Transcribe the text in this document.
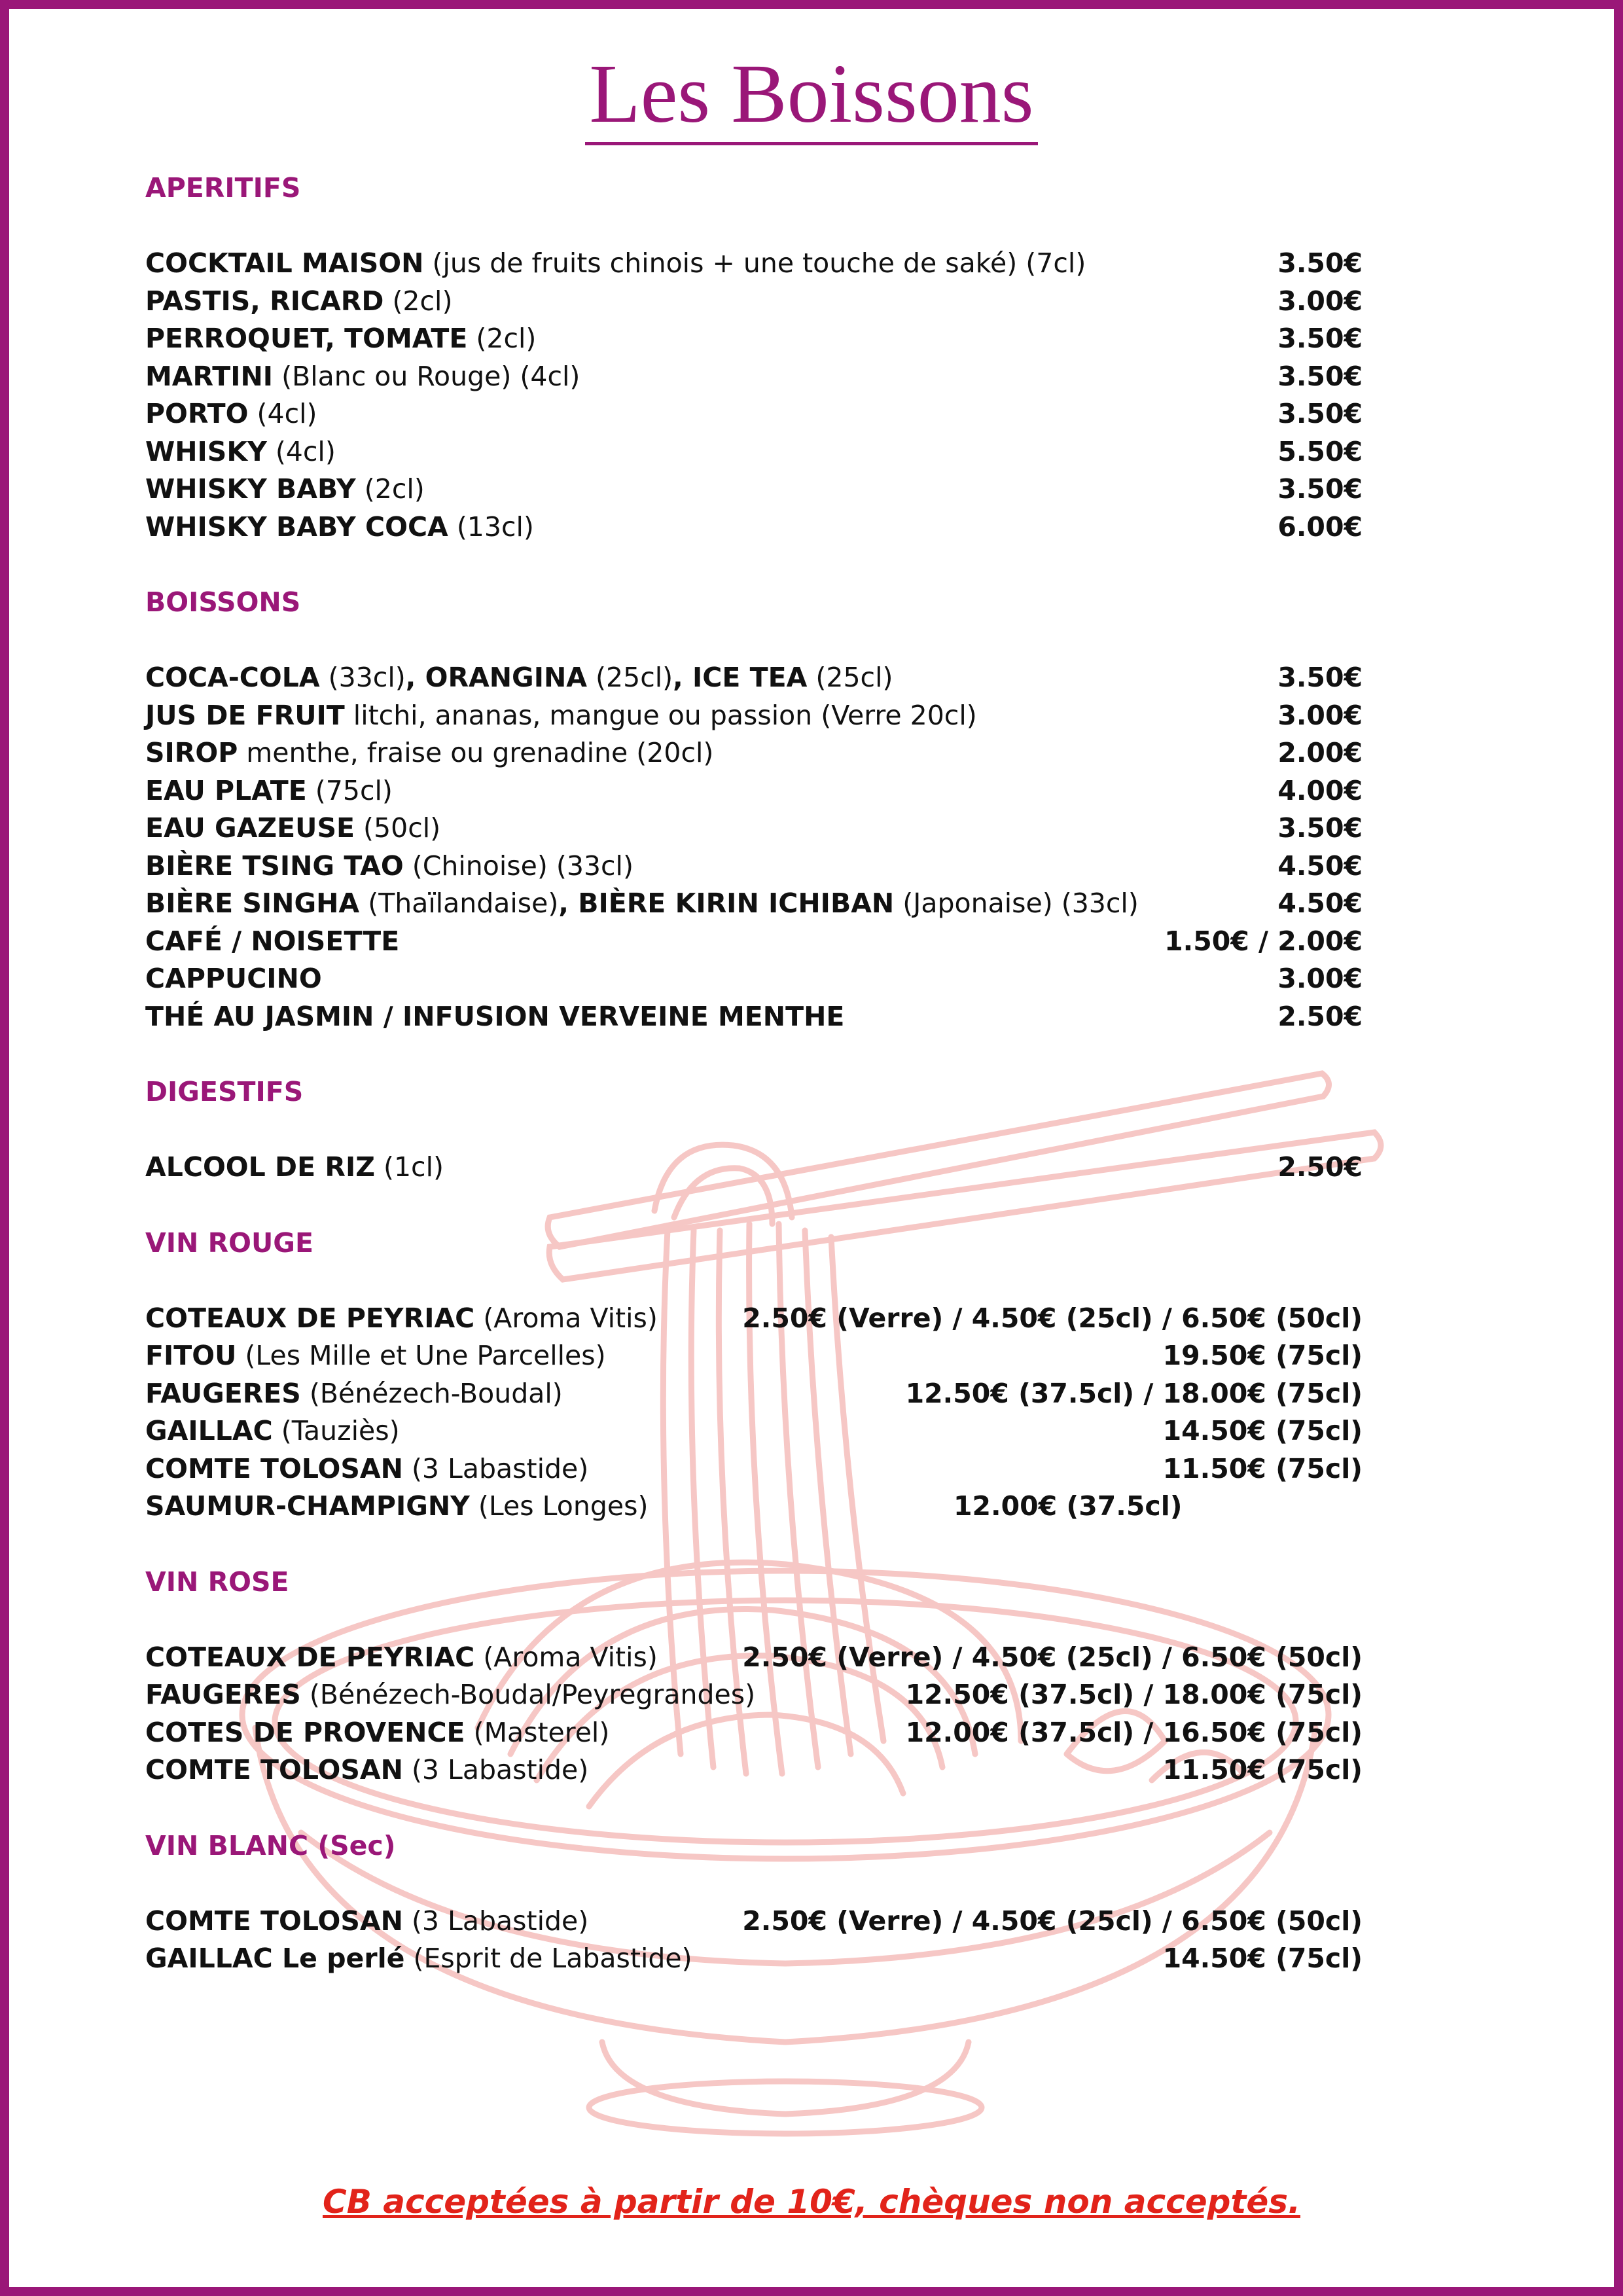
Les Boissons
APERITIFS
COCKTAIL MAISON (jus de fruits chinois + une touche de saké) (7cl)	3.50€
PASTIS, RICARD (2cl)	3.00€
PERROQUET, TOMATE (2cl)	3.50€
MARTINI (Blanc ou Rouge) (4cl)	3.50€
PORTO (4cl)	3.50€
WHISKY (4cl)	5.50€
WHISKY BABY (2cl)	3.50€
WHISKY BABY COCA (13cl)	6.00€
BOISSONS
COCA-COLA (33cl), ORANGINA (25cl), ICE TEA (25cl)	3.50€
JUS DE FRUIT litchi, ananas, mangue ou passion (Verre 20cl)	3.00€
SIROP menthe, fraise ou grenadine (20cl)	2.00€
EAU PLATE (75cl)	4.00€
EAU GAZEUSE (50cl)	3.50€
BIÈRE TSING TAO (Chinoise) (33cl)	4.50€
BIÈRE SINGHA (Thaïlandaise), BIÈRE KIRIN ICHIBAN (Japonaise) (33cl)	4.50€
CAFÉ / NOISETTE	1.50€ / 2.00€
CAPPUCINO	3.00€
THÉ AU JASMIN / INFUSION VERVEINE MENTHE	2.50€
DIGESTIFS
ALCOOL DE RIZ (1cl)	2.50€
VIN ROUGE
COTEAUX DE PEYRIAC (Aroma Vitis)	2.50€ (Verre) / 4.50€ (25cl) / 6.50€ (50cl)
FITOU (Les Mille et Une Parcelles)	19.50€ (75cl)
FAUGERES (Bénézech-Boudal)	12.50€ (37.5cl) / 18.00€ (75cl)
GAILLAC (Tauziès)	14.50€ (75cl)
COMTE TOLOSAN (3 Labastide)	11.50€ (75cl)
SAUMUR-CHAMPIGNY (Les Longes)	12.00€ (37.5cl)
VIN ROSE
COTEAUX DE PEYRIAC (Aroma Vitis)	2.50€ (Verre) / 4.50€ (25cl) / 6.50€ (50cl)
FAUGERES (Bénézech-Boudal/Peyregrandes)	12.50€ (37.5cl) / 18.00€ (75cl)
COTES DE PROVENCE (Masterel)	12.00€ (37.5cl) / 16.50€ (75cl)
COMTE TOLOSAN (3 Labastide)	11.50€ (75cl)
VIN BLANC (Sec)
COMTE TOLOSAN (3 Labastide)	2.50€ (Verre) / 4.50€ (25cl) / 6.50€ (50cl)
GAILLAC Le perlé (Esprit de Labastide)	14.50€ (75cl)
CB acceptées à partir de 10€, chèques non acceptés.
